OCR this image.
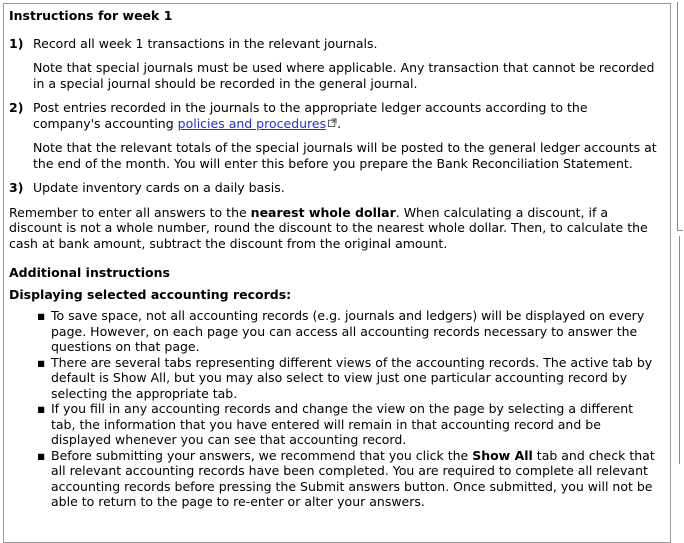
Instructions for week 1
1) Record all week 1 transactions in the relevant journals.
Note that special journals must be used where applicable. Any transaction that cannot be recorded in a special journal should be recorded in the general journal.
2) Post entries recorded in the journals to the appropriate ledger accounts according to the company's accounting policies and procedures .
Note that the relevant totals of the special journals will be posted to the general ledger accounts at the end of the month. You will enter this before you prepare the Bank Reconciliation Statement.
3) Update inventory cards on a daily basis.
Remember to enter all answers to the nearest whole dollar. When calculating a discount, if a discount is not a whole number, round the discount to the nearest whole dollar. Then, to calculate the cash at bank amount, subtract the discount from the original amount.
Additional instructions
Displaying selected accounting records:
▪ To save space, not all accounting records (e.g. journals and ledgers) will be displayed on every page. However, on each page you can access all accounting records necessary to answer the questions on that page.
▪ There are several tabs representing different views of the accounting records. The active tab by default is Show All, but you may also select to view just one particular accounting record by selecting the appropriate tab.
▪ If you fill in any accounting records and change the view on the page by selecting a different tab, the information that you have entered will remain in that accounting record and be displayed whenever you can see that accounting record.
▪ Before submitting your answers, we recommend that you click the Show All tab and check that all relevant accounting records have been completed. You are required to complete all relevant accounting records before pressing the Submit answers button. Once submitted, you will not be able to return to the page to re-enter or alter your answers.
